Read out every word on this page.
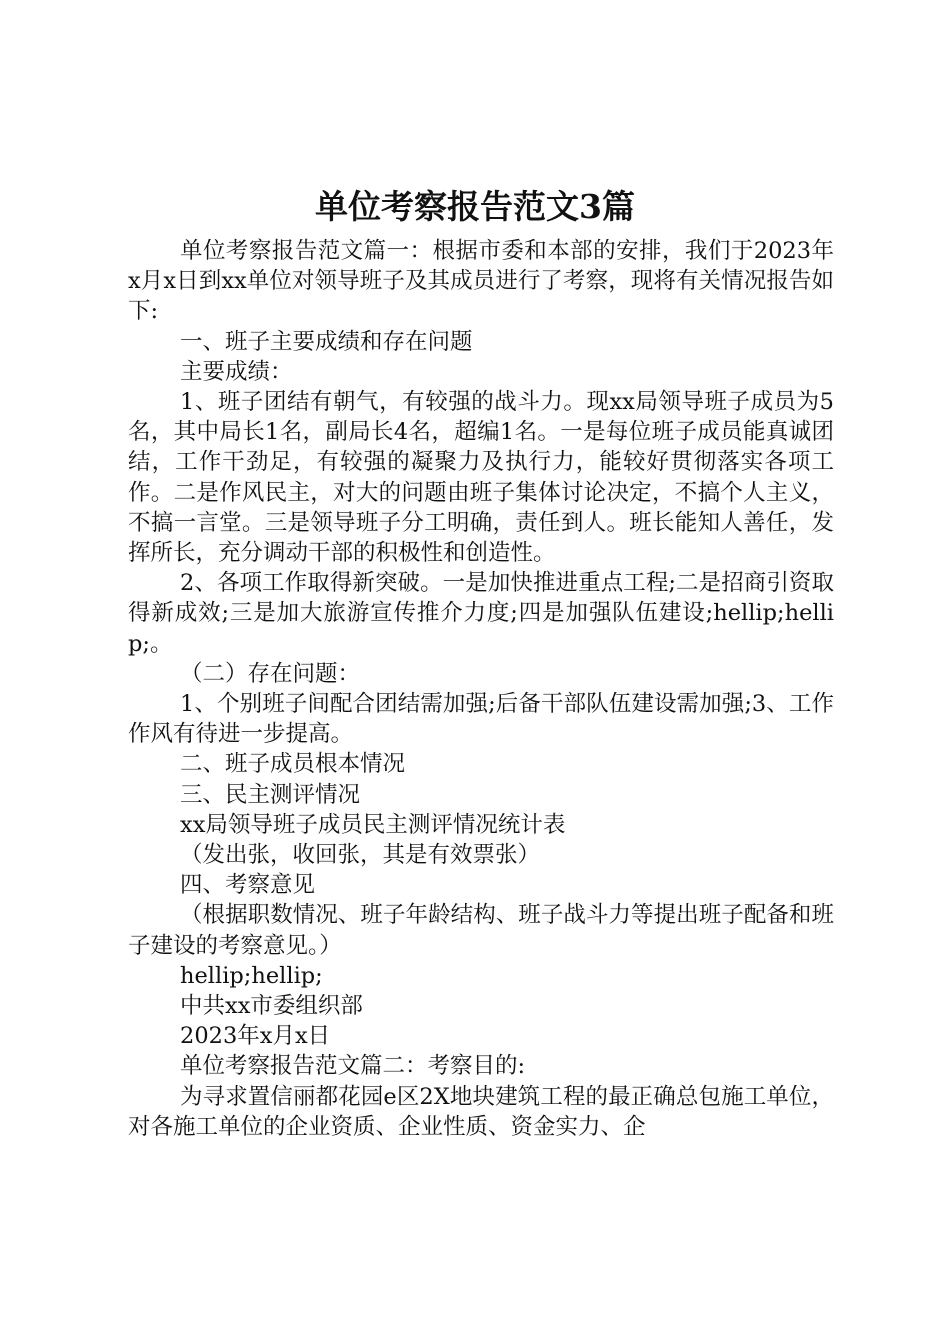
单位考察报告范文3篇

单位考察报告范文篇一：根据市委和本部的安排，我们于2023年x月x日到xx单位对领导班子及其成员进行了考察，现将有关情况报告如下:

一、班子主要成绩和存在问题

主要成绩：

1、班子团结有朝气，有较强的战斗力。现xx局领导班子成员为5名，其中局长1名，副局长4名，超编1名。一是每位班子成员能真诚团结，工作干劲足，有较强的凝聚力及执行力，能较好贯彻落实各项工作。二是作风民主，对大的问题由班子集体讨论决定，不搞个人主义，不搞一言堂。三是领导班子分工明确，责任到人。班长能知人善任，发挥所长，充分调动干部的积极性和创造性。

2、各项工作取得新突破。一是加快推进重点工程;二是招商引资取得新成效;三是加大旅游宣传推介力度;四是加强队伍建设;hellip;hellip;。

（二）存在问题：

1、个别班子间配合团结需加强;后备干部队伍建设需加强;3、工作作风有待进一步提高。

二、班子成员根本情况

三、民主测评情况

xx局领导班子成员民主测评情况统计表

（发出张，收回张，其是有效票张）

四、考察意见

（根据职数情况、班子年龄结构、班子战斗力等提出班子配备和班子建设的考察意见。）

hellip;hellip;

中共xx市委组织部

2023年x月x日

单位考察报告范文篇二：考察目的:

为寻求置信丽都花园e区2X地块建筑工程的最正确总包施工单位，对各施工单位的企业资质、企业性质、资金实力、企
